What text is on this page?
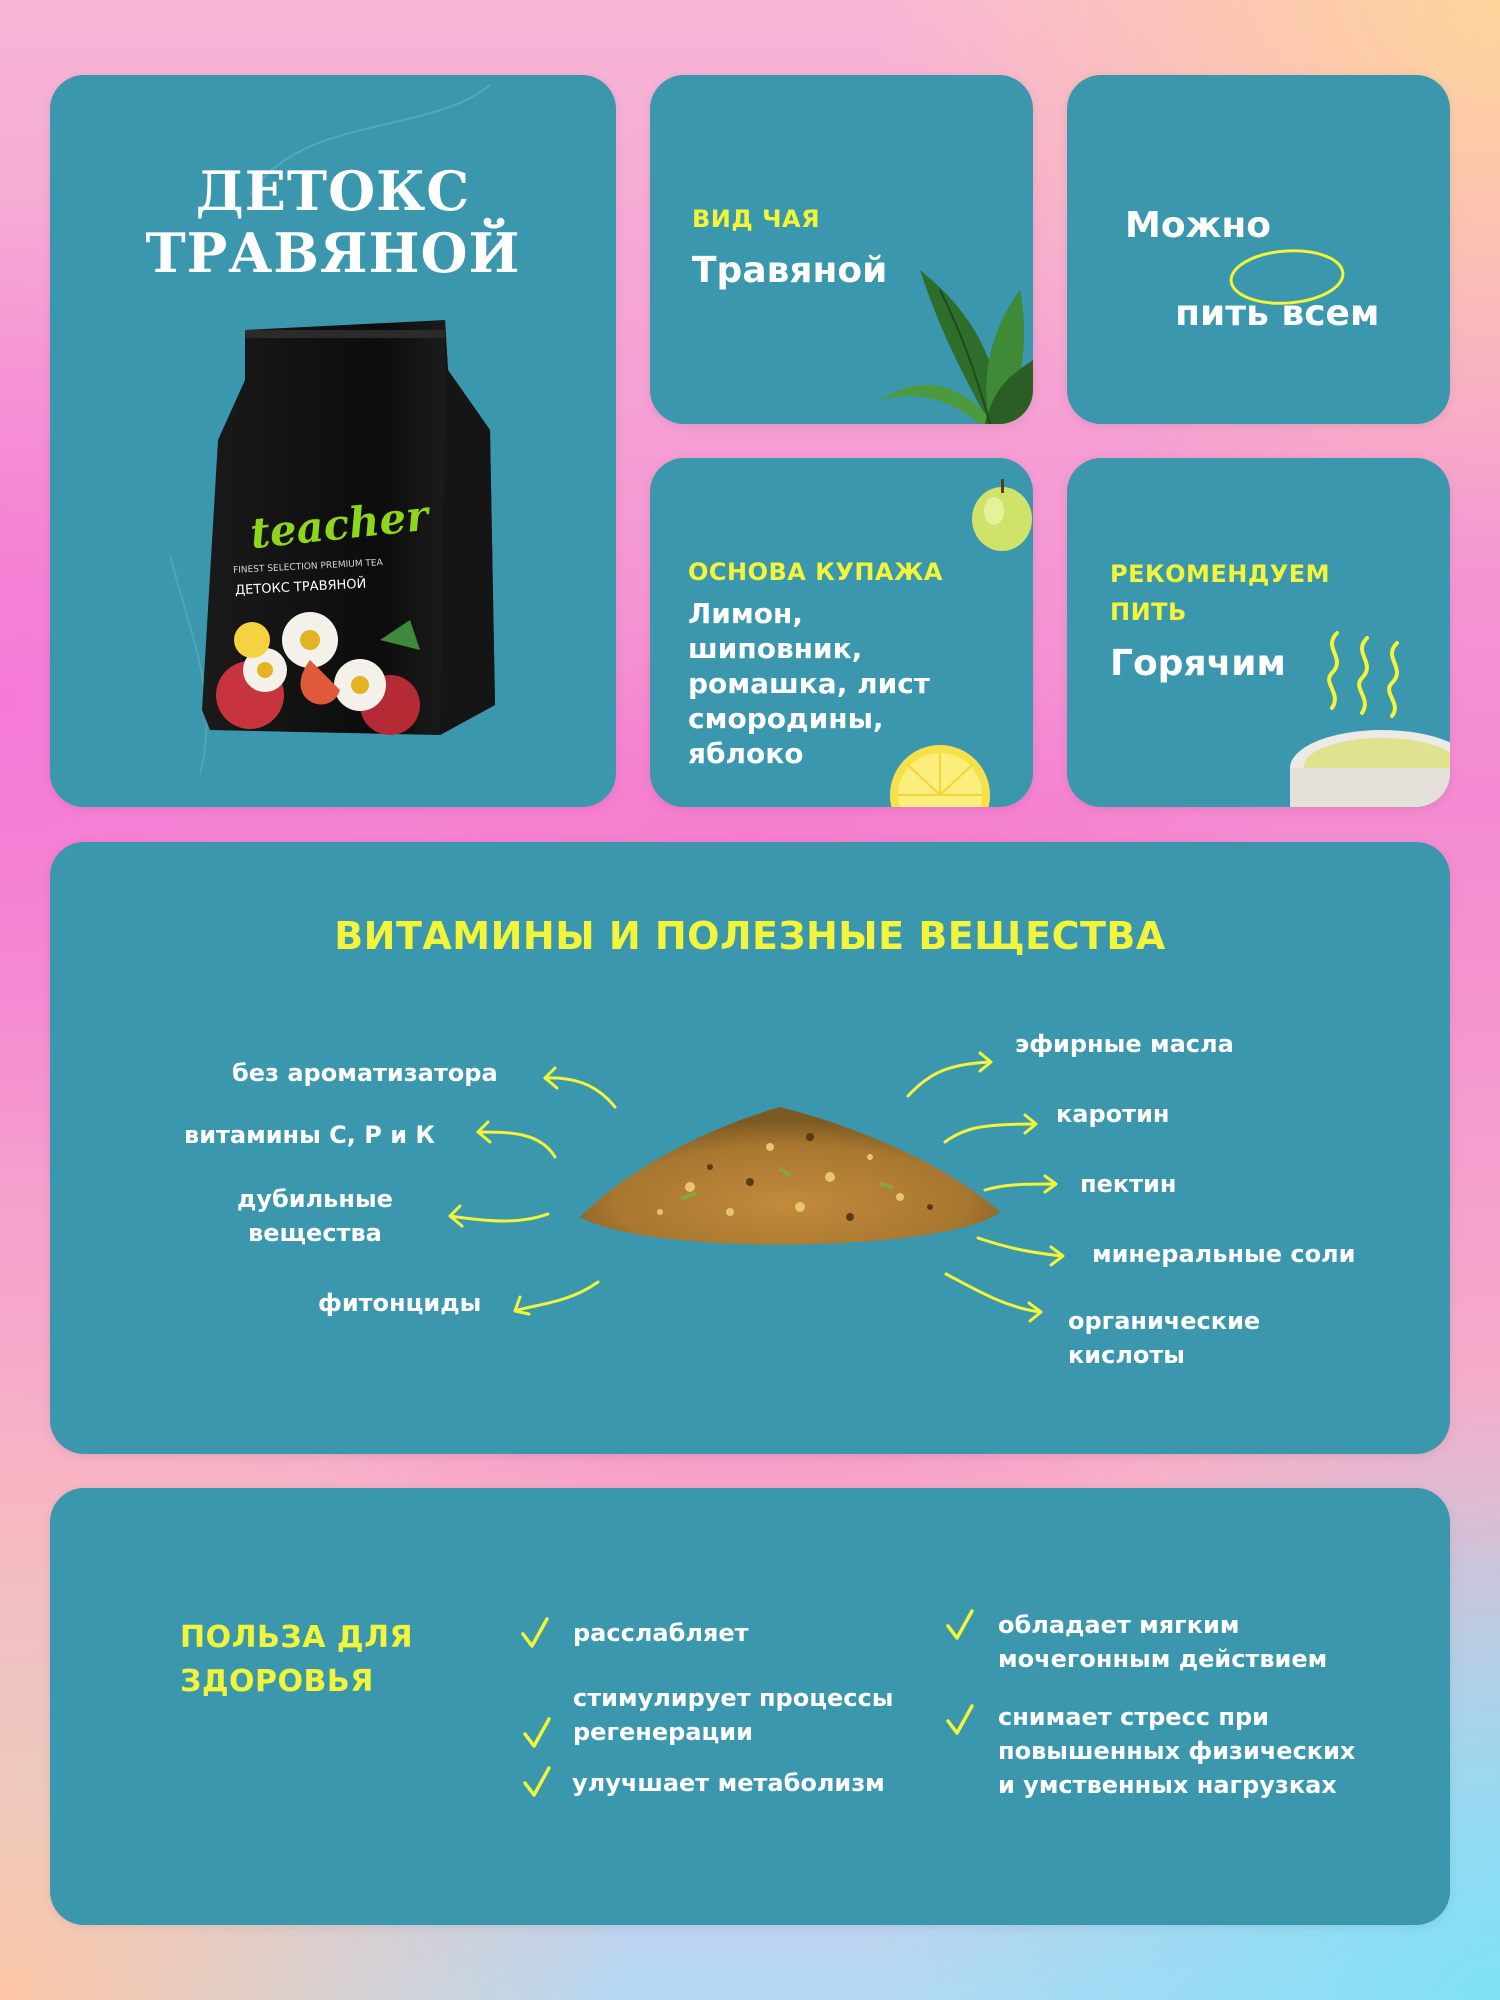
ДЕТОКС
ТРАВЯНОЙ
teacher
FINEST SELECTION PREMIUM TEA
ДЕТОКС ТРАВЯНОЙ
ВИД ЧАЯ
Травяной
Можно

пить всем

ОСНОВА КУПАЖА
Лимон,
шиповник,
ромашка, лист
смородины,
яблоко
РЕКОМЕНДУЕМ
ПИТЬ
Горячим
ВИТАМИНЫ И ПОЛЕЗНЫЕ ВЕЩЕСТВА
без ароматизатора
витамины С, Р и К
дубильные
вещества
фитонциды
эфирные масла
каротин
пектин
минеральные соли
органические
кислоты
ПОЛЬЗА ДЛЯ
ЗДОРОВЬЯ
расслабляет
стимулирует процессы
регенерации
улучшает метаболизм
обладает мягким
мочегонным действием
снимает стресс при
повышенных физических
и умственных нагрузках
